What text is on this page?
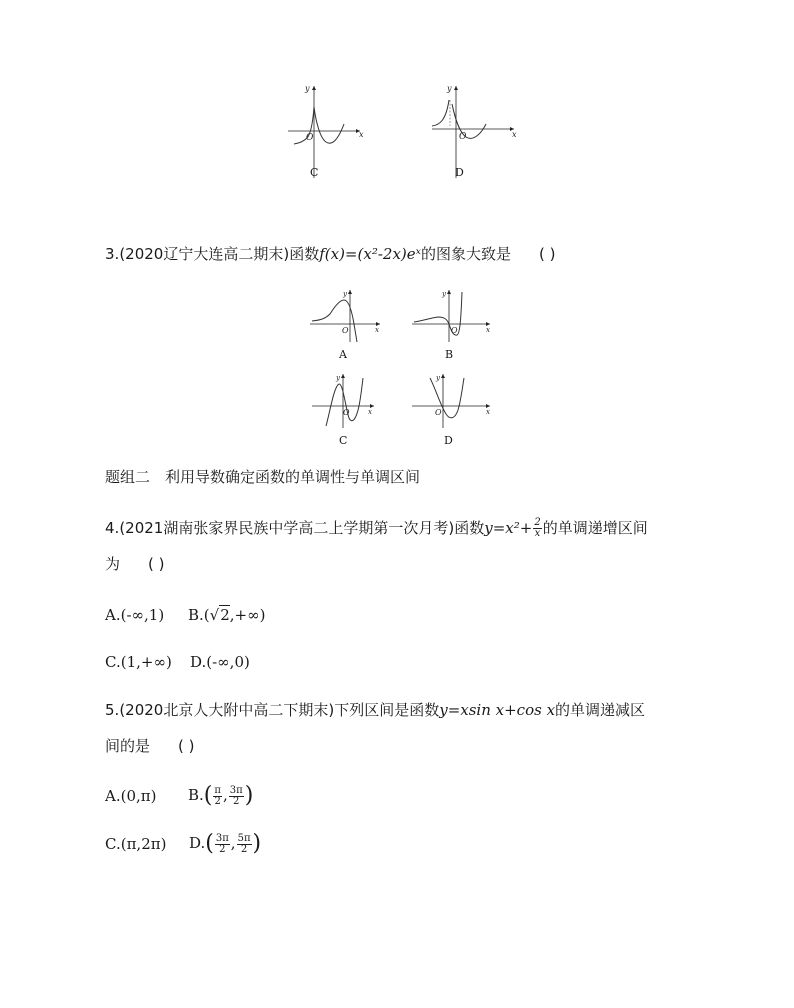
y
O	x
C
y
O	x
D
3.(2020辽宁大连高二期末)函数f(x)=(x²-2x)eˣ的图象大致是 ( )
y
O	x
A
y
O	x
B
y
O	x
C
y
O	x
D
题组二　利用导数确定函数的单调性与单调区间
4.(2021湖南张家界民族中学高二上学期第一次月考)函数$y=x^2+ \frac{2}{x}$ 的单调递增区间
为 ( )
A.(-∞,1) B.(√2,+∞)
C.(1,+∞) D.(-∞,0)
5.(2020北京人大附中高二下期末)下列区间是函数y=xsin x+cos x的单调递减区
间的是 ( )
A.(0,π) $B.( \frac{\pi}{2}$ , $\frac{3\pi}{2}$ )
C.(π,2π) $D.( \frac{3\pi}{2}$ , $\frac{5\pi}{2}$ )
